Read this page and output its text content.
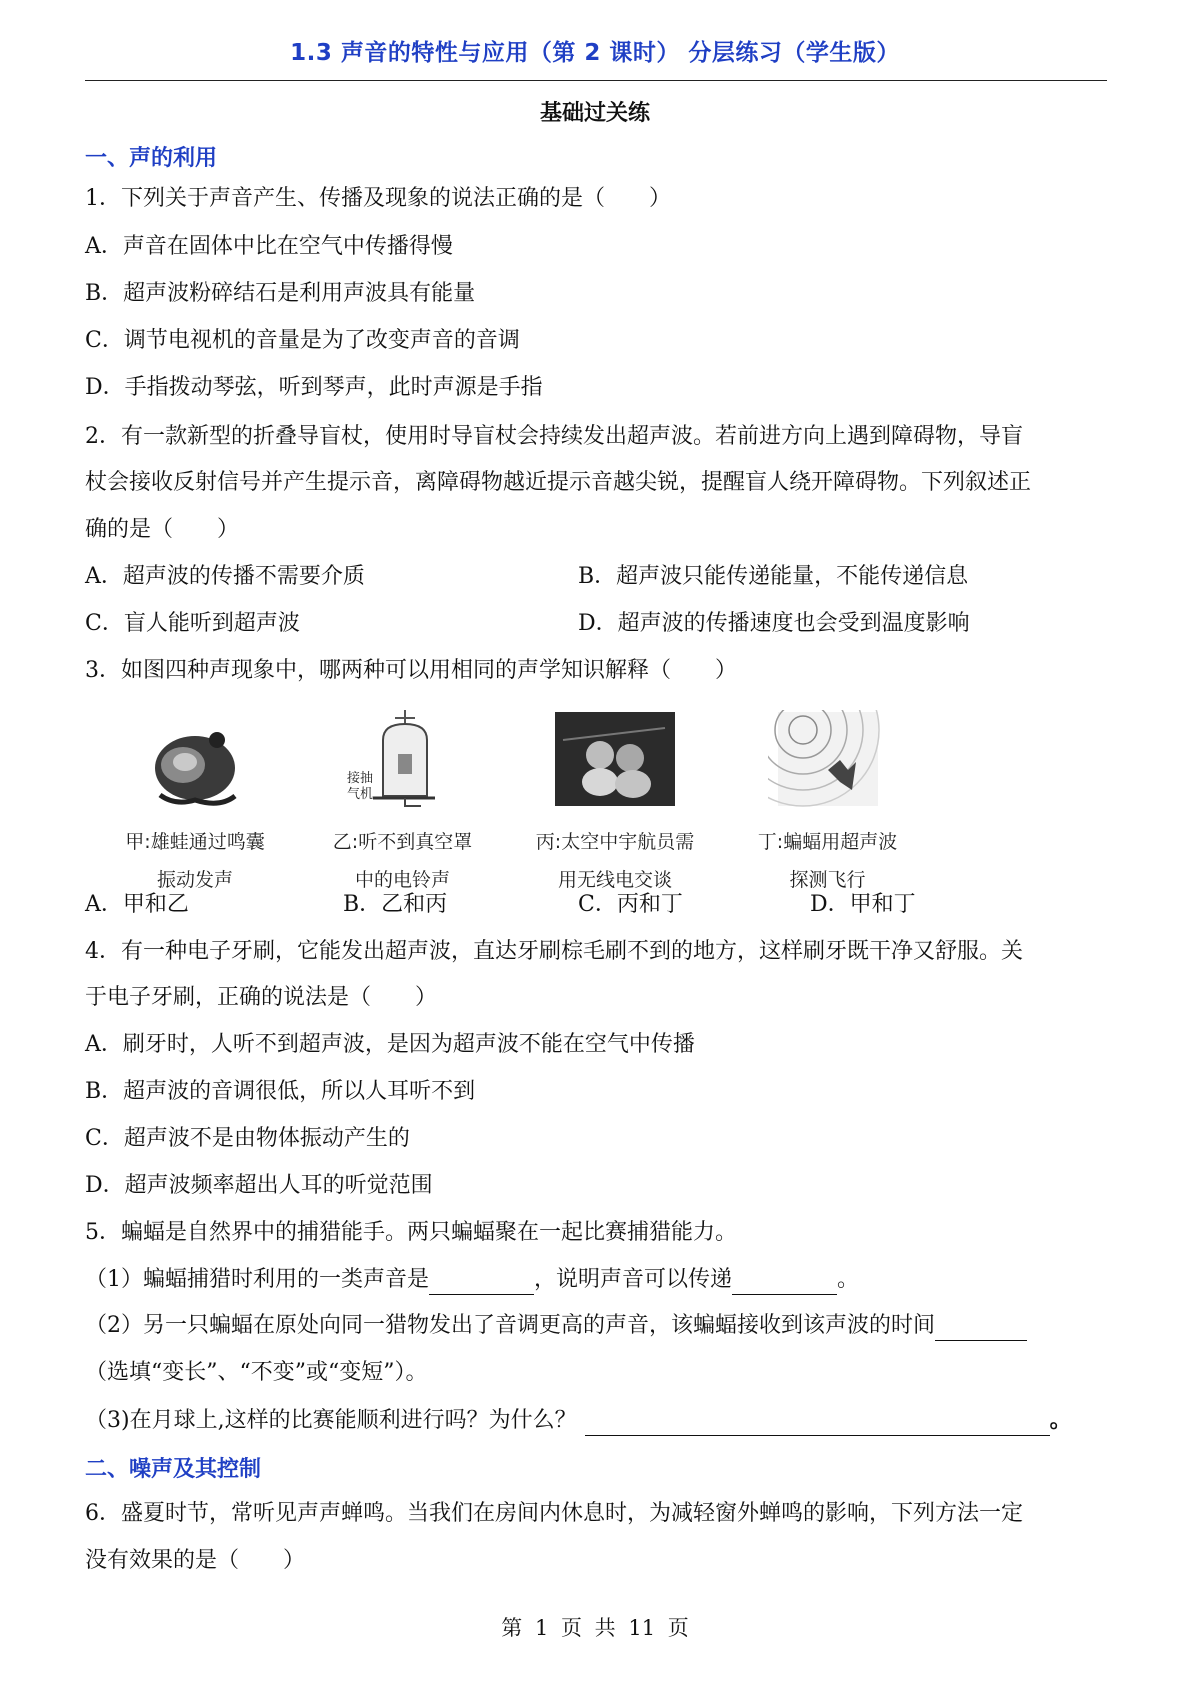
1.3 声音的特性与应用（第 2 课时） 分层练习（学生版）
基础过关练
一、声的利用
1．下列关于声音产生、传播及现象的说法正确的是（　　）
A．声音在固体中比在空气中传播得慢
B．超声波粉碎结石是利用声波具有能量
C．调节电视机的音量是为了改变声音的音调
D．手指拨动琴弦，听到琴声，此时声源是手指
2．有一款新型的折叠导盲杖，使用时导盲杖会持续发出超声波。若前进方向上遇到障碍物，导盲
杖会接收反射信号并产生提示音，离障碍物越近提示音越尖锐，提醒盲人绕开障碍物。下列叙述正
确的是（　　）
A．超声波的传播不需要介质	B．超声波只能传递能量，不能传递信息
C．盲人能听到超声波	D．超声波的传播速度也会受到温度影响
3．如图四种声现象中，哪两种可以用相同的声学知识解释（　　）
甲:雄蛙通过鸣囊
振动发声
接抽
气机
乙:听不到真空罩
中的电铃声
丙:太空中宇航员需
用无线电交谈
丁:蝙蝠用超声波
探测飞行
A．甲和乙	B．乙和丙	C．丙和丁	D．甲和丁
4．有一种电子牙刷，它能发出超声波，直达牙刷棕毛刷不到的地方，这样刷牙既干净又舒服。关
于电子牙刷，正确的说法是（　　）
A．刷牙时，人听不到超声波，是因为超声波不能在空气中传播
B．超声波的音调很低，所以人耳听不到
C．超声波不是由物体振动产生的
D．超声波频率超出人耳的听觉范围
5．蝙蝠是自然界中的捕猎能手。两只蝙蝠聚在一起比赛捕猎能力。
（1）蝙蝠捕猎时利用的一类声音是	，说明声音可以传递	。
（2）另一只蝙蝠在原处向同一猎物发出了音调更高的声音，该蝙蝠接收到该声波的时间
（选填“变长”、“不变”或“变短”）。
（3)在月球上,这样的比赛能顺利进行吗？为什么？	。
二、噪声及其控制
6．盛夏时节，常听见声声蝉鸣。当我们在房间内休息时，为减轻窗外蝉鸣的影响，下列方法一定
没有效果的是（　　）
第 1 页 共 11 页
